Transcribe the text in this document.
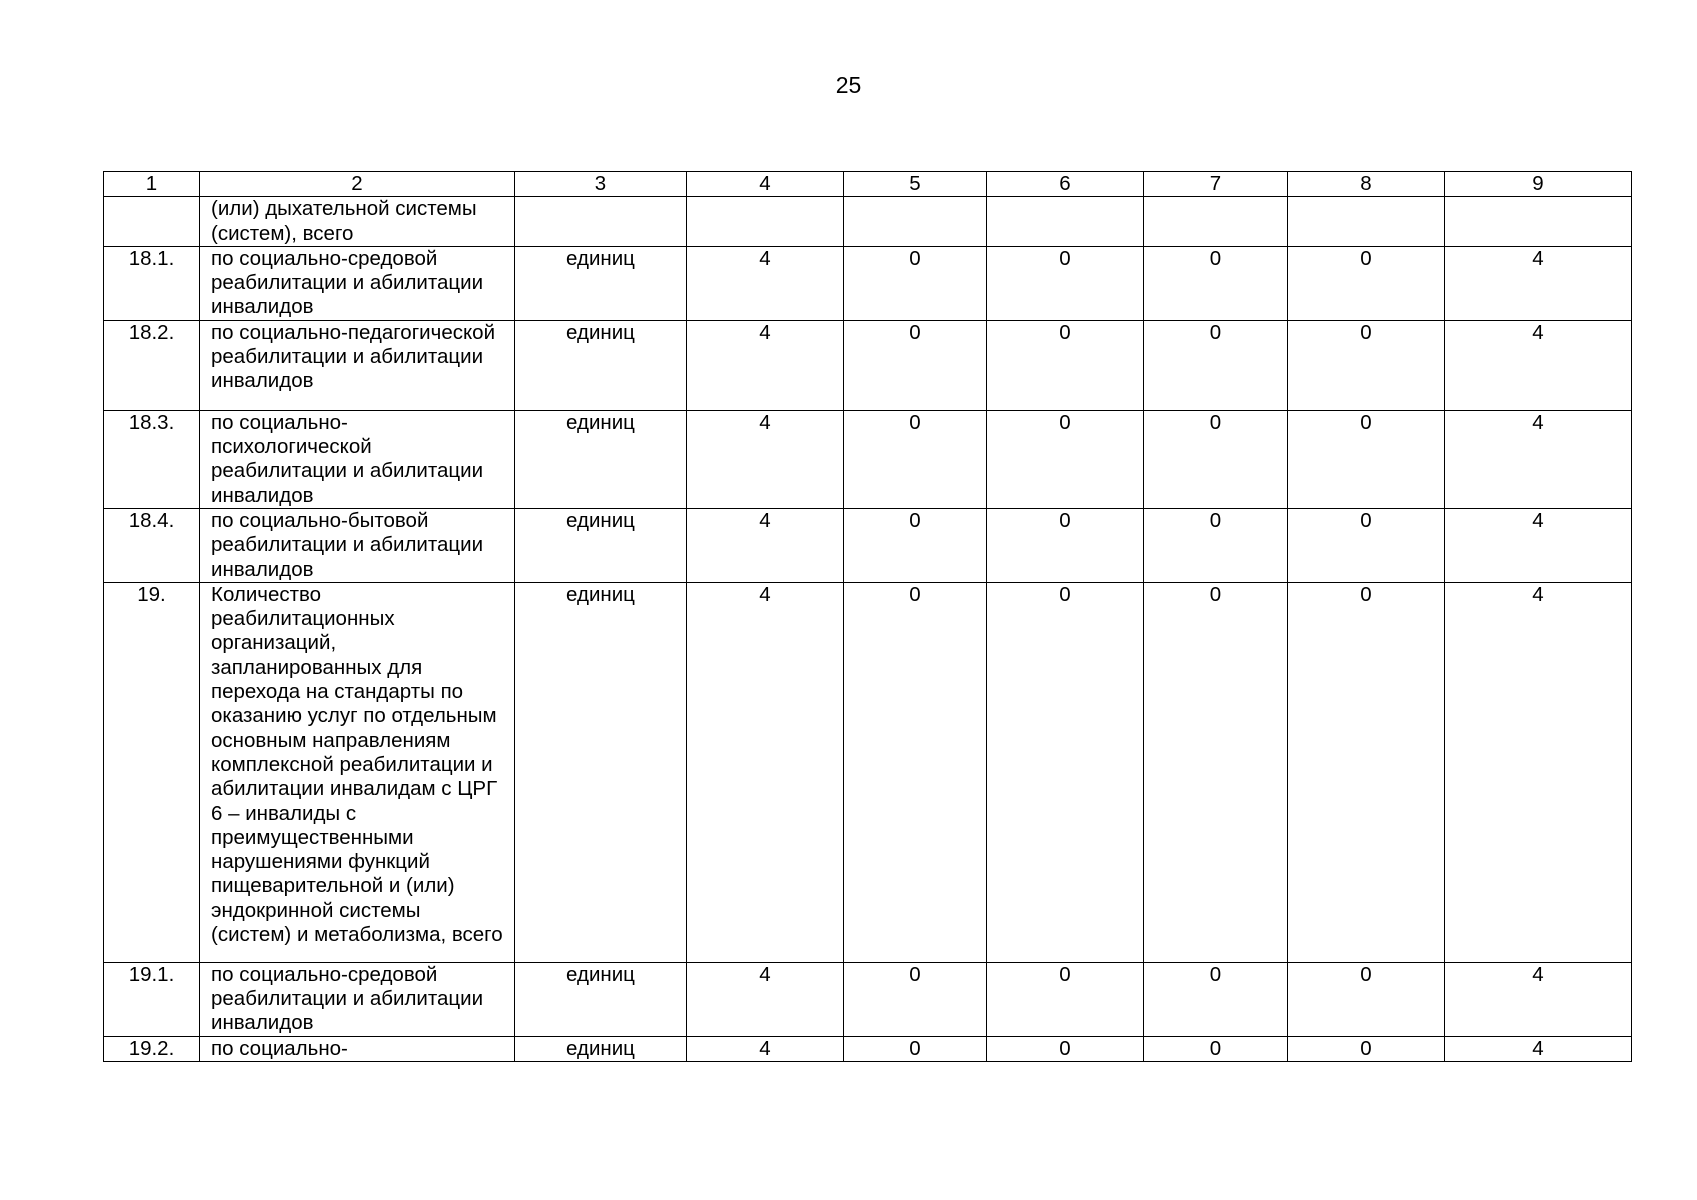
25
1	2	3	4	5	6	7	8	9
	(или) дыхательной системы (систем), всего							
18.1.	по социально-средовой реабилитации и абилитации инвалидов	единиц	4	0	0	0	0	4
18.2.	по социально-педагогической реабилитации и абилитации инвалидов	единиц	4	0	0	0	0	4
18.3.	по социально-психологической реабилитации и абилитации инвалидов	единиц	4	0	0	0	0	4
18.4.	по социально-бытовой реабилитации и абилитации инвалидов	единиц	4	0	0	0	0	4
19.	Количество реабилитационных организаций, запланированных для перехода на стандарты по оказанию услуг по отдельным основным направлениям комплексной реабилитации и абилитации инвалидам с ЦРГ 6 – инвалиды с преимущественными нарушениями функций пищеварительной и (или) эндокринной системы (систем) и метаболизма, всего	единиц	4	0	0	0	0	4
19.1.	по социально-средовой реабилитации и абилитации инвалидов	единиц	4	0	0	0	0	4
19.2.	по социально-	единиц	4	0	0	0	0	4
